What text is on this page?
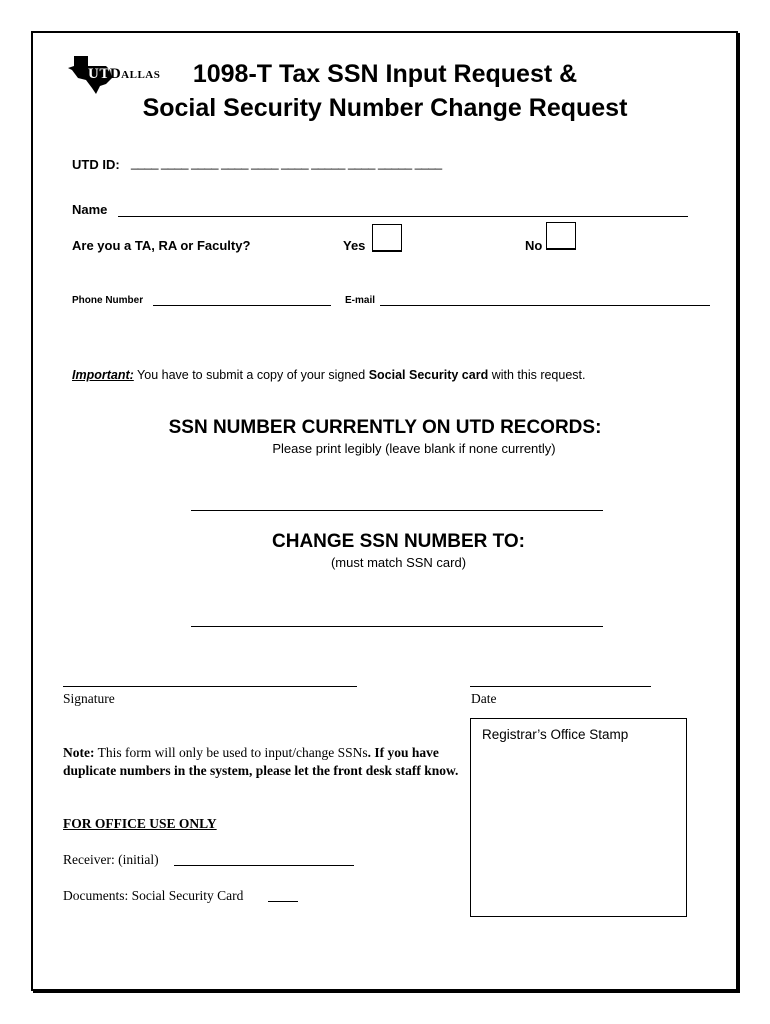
UTDallas	1098-T Tax SSN Input Request &
Social Security Number Change Request
UTD ID: ____ ____ ____ ____ ____ ____ _____ ____ _____ ____
Name
Are you a TA, RA or Faculty?	Yes	No
Phone Number	E-mail
Important: You have to submit a copy of your signed Social Security card with this request.
SSN NUMBER CURRENTLY ON UTD RECORDS:
Please print legibly (leave blank if none currently)
CHANGE SSN NUMBER TO:
(must match SSN card)
Signature	Date
Registrar’s Office Stamp
Note: This form will only be used to input/change SSNs. If you have duplicate numbers in the system, please let the front desk staff know.
FOR OFFICE USE ONLY
Receiver: (initial)
Documents: Social Security Card
